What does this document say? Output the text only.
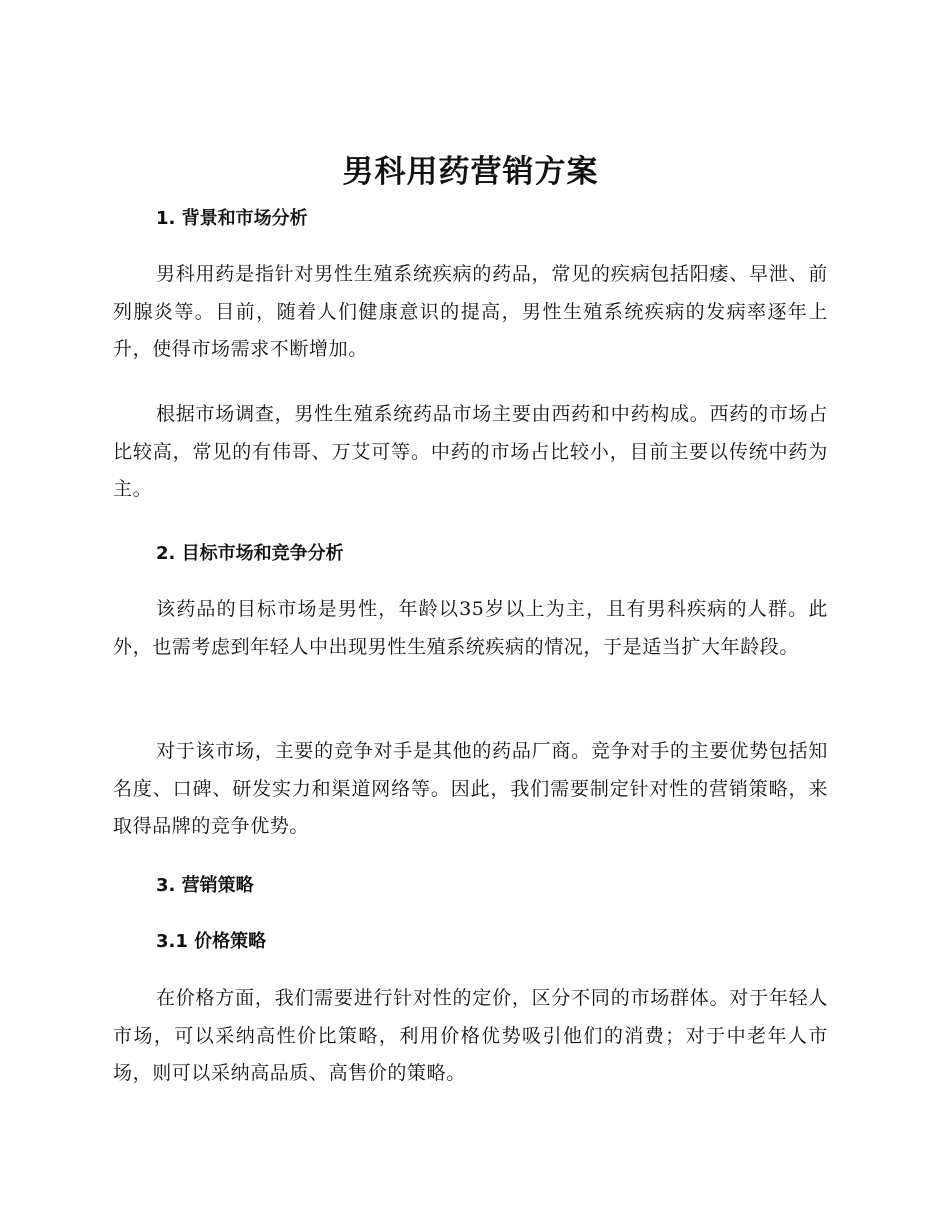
男科用药营销方案
1. 背景和市场分析

男科用药是指针对男性生殖系统疾病的药品，常见的疾病包括阳痿、早泄、前列腺炎等。目前，随着人们健康意识的提高，男性生殖系统疾病的发病率逐年上升，使得市场需求不断增加。

根据市场调查，男性生殖系统药品市场主要由西药和中药构成。西药的市场占比较高，常见的有伟哥、万艾可等。中药的市场占比较小，目前主要以传统中药为主。

2. 目标市场和竞争分析

该药品的目标市场是男性，年龄以35岁以上为主，且有男科疾病的人群。此外，也需考虑到年轻人中出现男性生殖系统疾病的情况，于是适当扩大年龄段。

对于该市场，主要的竞争对手是其他的药品厂商。竞争对手的主要优势包括知名度、口碑、研发实力和渠道网络等。因此，我们需要制定针对性的营销策略，来取得品牌的竞争优势。

3. 营销策略
3.1 价格策略

在价格方面，我们需要进行针对性的定价，区分不同的市场群体。对于年轻人市场，可以采纳高性价比策略，利用价格优势吸引他们的消费；对于中老年人市场，则可以采纳高品质、高售价的策略。
